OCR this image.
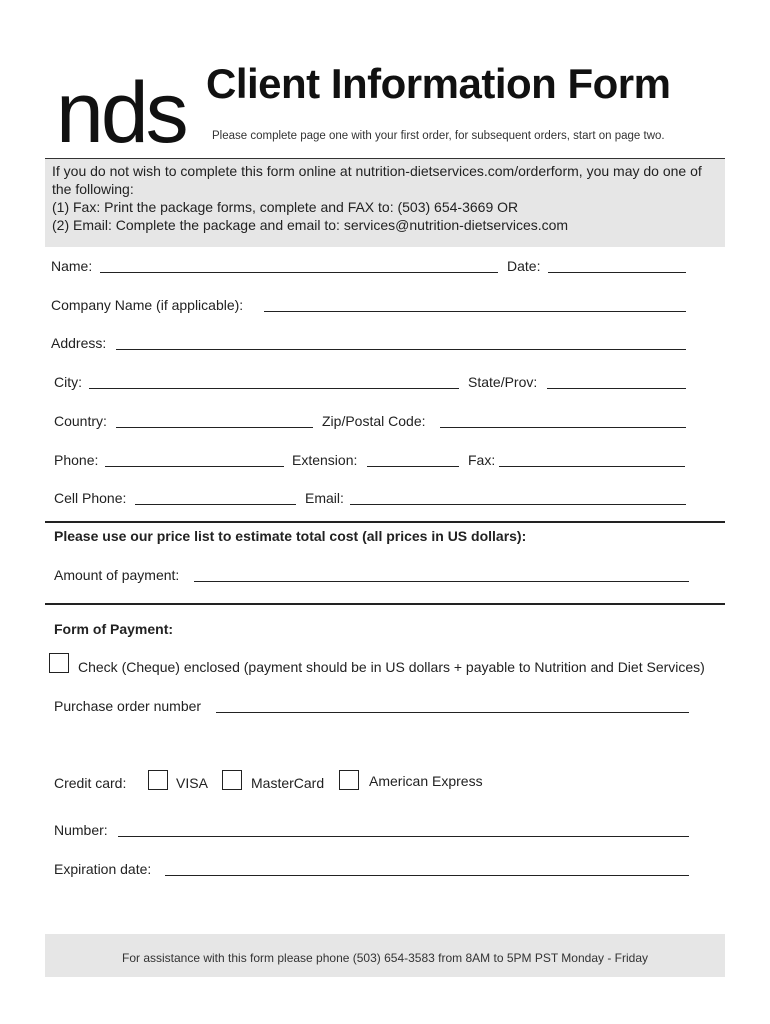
nds Client Information Form
Please complete page one with your first order, for subsequent orders, start on page two.
If you do not wish to complete this form online at nutrition-dietservices.com/orderform, you may do one of
the following:
(1) Fax: Print the package forms, complete and FAX to: (503) 654-3669 OR
(2) Email: Complete the package and email to: services@nutrition-dietservices.com
Name:	Date:
Company Name (if applicable):
Address:
City:	State/Prov:
Country:	Zip/Postal Code:
Phone:	Extension:	Fax:
Cell Phone:	Email:
Please use our price list to estimate total cost (all prices in US dollars):
Amount of payment:
Form of Payment:
Check (Cheque) enclosed (payment should be in US dollars + payable to Nutrition and Diet Services)
Purchase order number
Credit card:	VISA	MasterCard	American Express
Number:
Expiration date:
For assistance with this form please phone (503) 654-3583 from 8AM to 5PM PST Monday - Friday
